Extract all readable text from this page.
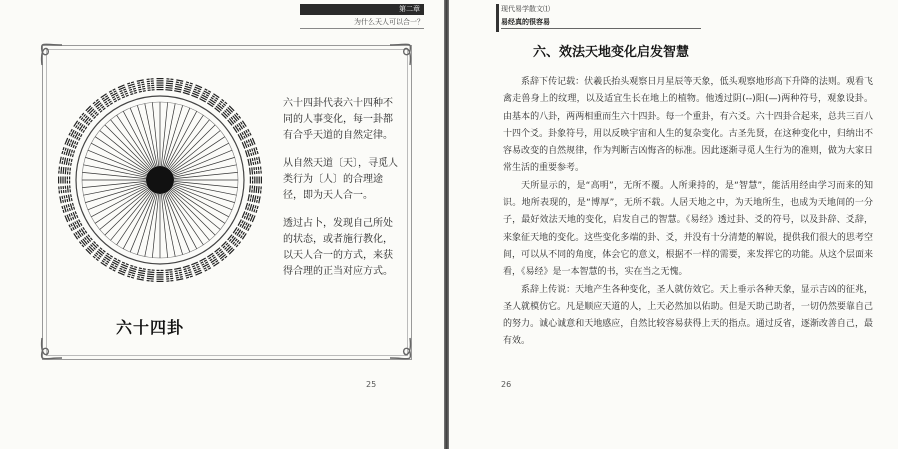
第二章
为什么天人可以合一？

六十四卦代表六十四种不同的人事变化，每一卦都有合乎天道的自然定律。

从自然天道〔天〕，寻觅人类行为〔人〕的合理途径，即为天人合一。

透过占卜，发现自己所处的状态，或者施行教化，以天人合一的方式，来获得合理的正当对应方式。

六十四卦
25
现代易学散文⑴
易经真的很容易
六、效法天地变化启发智慧

系辞下传记载：伏羲氏抬头观察日月星辰等天象，低头观察地形高下升降的法则。观看飞禽走兽身上的纹理，以及适宜生长在地上的植物。他透过阴(--)阳(—)两种符号，观象设卦。由基本的八卦，两两相重而生六十四卦。每一个重卦，有六爻。六十四卦合起来，总共三百八十四个爻。卦象符号，用以反映宇宙和人生的复杂变化。古圣先贤，在这种变化中，归纳出不容易改变的自然规律，作为判断吉凶悔吝的标准。因此逐渐寻觅人生行为的准则，做为大家日常生活的重要参考。

天所显示的，是“高明”，无所不覆。人所秉持的，是“智慧”，能活用经由学习而来的知识。地所表现的，是“博厚”，无所不载。人居天地之中，为天地所生，也成为天地间的一分子，最好效法天地的变化，启发自己的智慧。《易经》透过卦、爻的符号，以及卦辞、爻辞，来象征天地的变化。这些变化多端的卦、爻，并没有十分清楚的解说，提供我们很大的思考空间，可以从不同的角度，体会它的意义，根据不一样的需要，来发挥它的功能。从这个层面来看，《易经》是一本智慧的书，实在当之无愧。

系辞上传说：天地产生各种变化，圣人就仿效它。天上垂示各种天象，显示吉凶的征兆，圣人就模仿它。凡是顺应天道的人，上天必然加以佑助。但是天助己助者，一切仍然要靠自己的努力。诚心诚意和天地感应，自然比较容易获得上天的指点。通过反省，逐渐改善自己，最有效。

26
